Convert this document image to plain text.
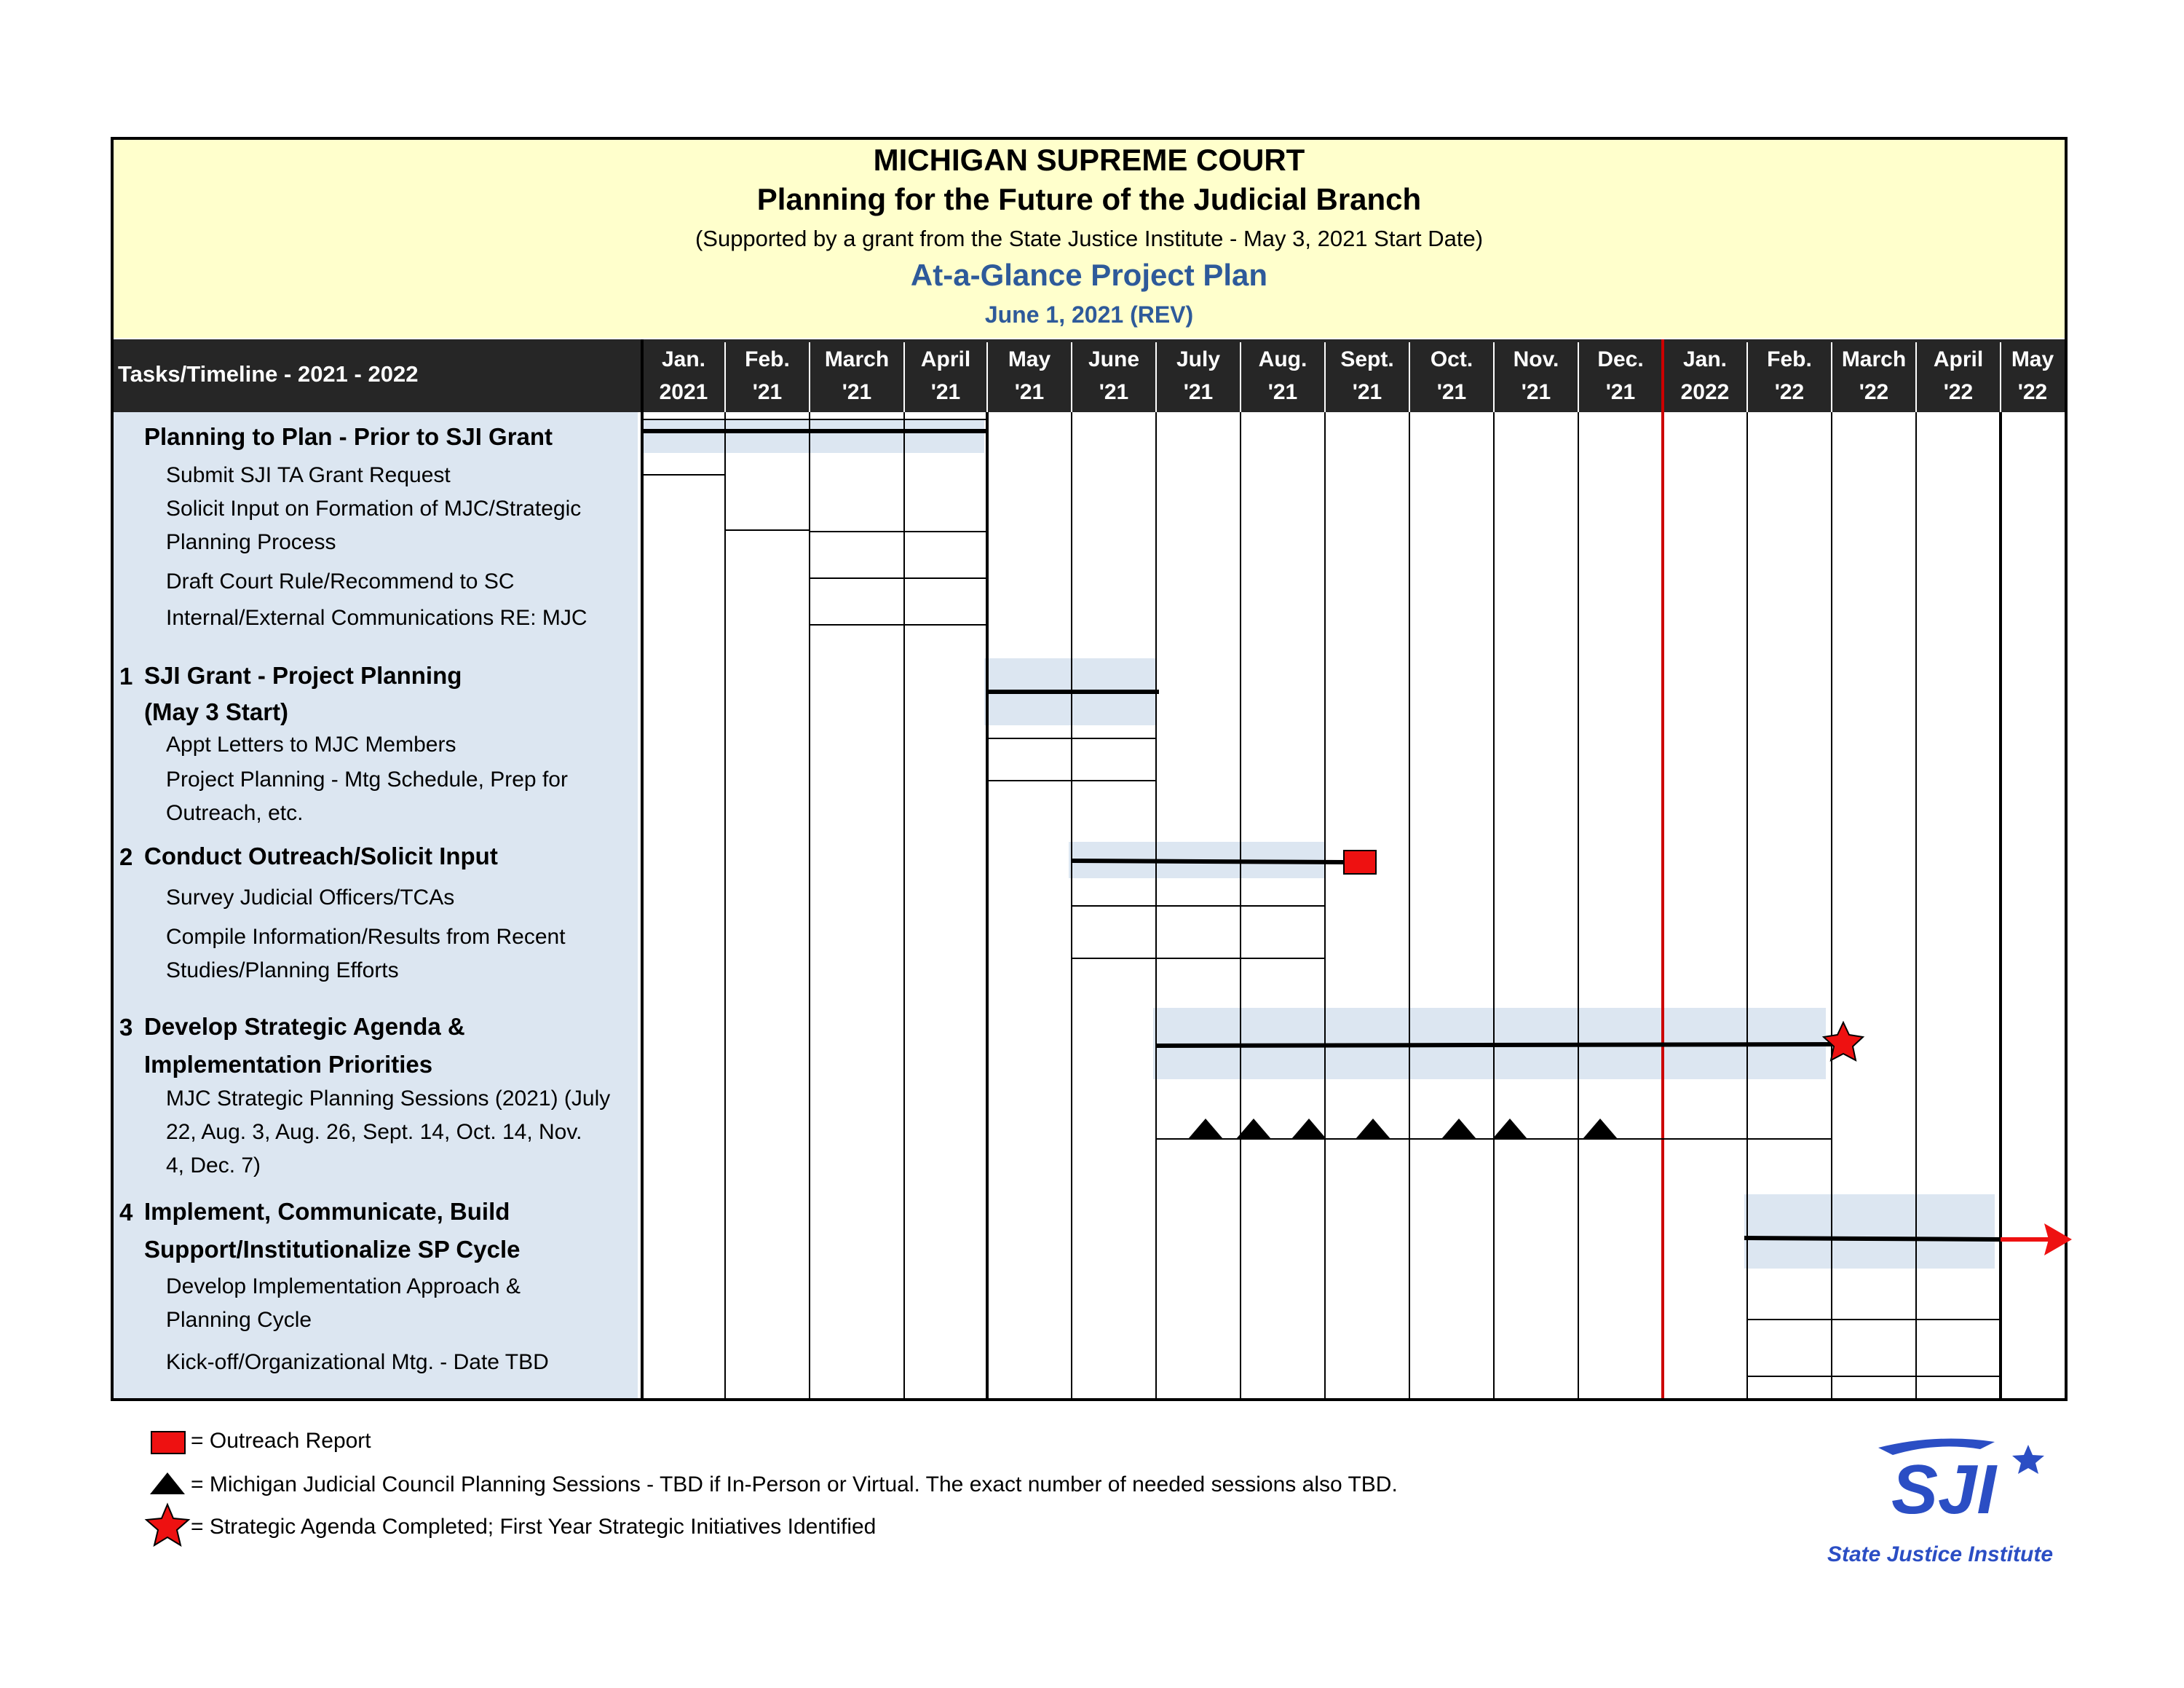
MICHIGAN SUPREME COURT
Planning for the Future of the Judicial Branch
(Supported by a grant from the State Justice Institute - May 3, 2021 Start Date)
At-a-Glance Project Plan
June 1, 2021 (REV)
Tasks/Timeline - 2021 - 2022
Jan.
2021
Feb.
'21
March
'21
April
'21
May
'21
June
'21
July
'21
Aug.
'21
Sept.
'21
Oct.
'21
Nov.
'21
Dec.
'21
Jan.
2022
Feb.
'22
March
'22
April
'22
May
'22
Planning to Plan - Prior to SJI Grant
Submit SJI TA Grant Request
Solicit Input on Formation of MJC/Strategic
Planning Process
Draft Court Rule/Recommend to SC
Internal/External Communications RE: MJC
1 SJI Grant - Project Planning
(May 3 Start)
Appt Letters to MJC Members
Project Planning - Mtg Schedule, Prep for
Outreach, etc.
2 Conduct Outreach/Solicit Input
Survey Judicial Officers/TCAs
Compile Information/Results from Recent
Studies/Planning Efforts
3 Develop Strategic Agenda &
Implementation Priorities
MJC Strategic Planning Sessions (2021) (July
22, Aug. 3, Aug. 26, Sept. 14, Oct. 14, Nov.
4, Dec. 7)
4 Implement, Communicate, Build
Support/Institutionalize SP Cycle
Develop Implementation Approach &
Planning Cycle
Kick-off/Organizational Mtg. - Date TBD
= Outreach Report
= Michigan Judicial Council Planning Sessions - TBD if In-Person or Virtual. The exact number of needed sessions also TBD.
= Strategic Agenda Completed; First Year Strategic Initiatives Identified	SJI
State Justice Institute
